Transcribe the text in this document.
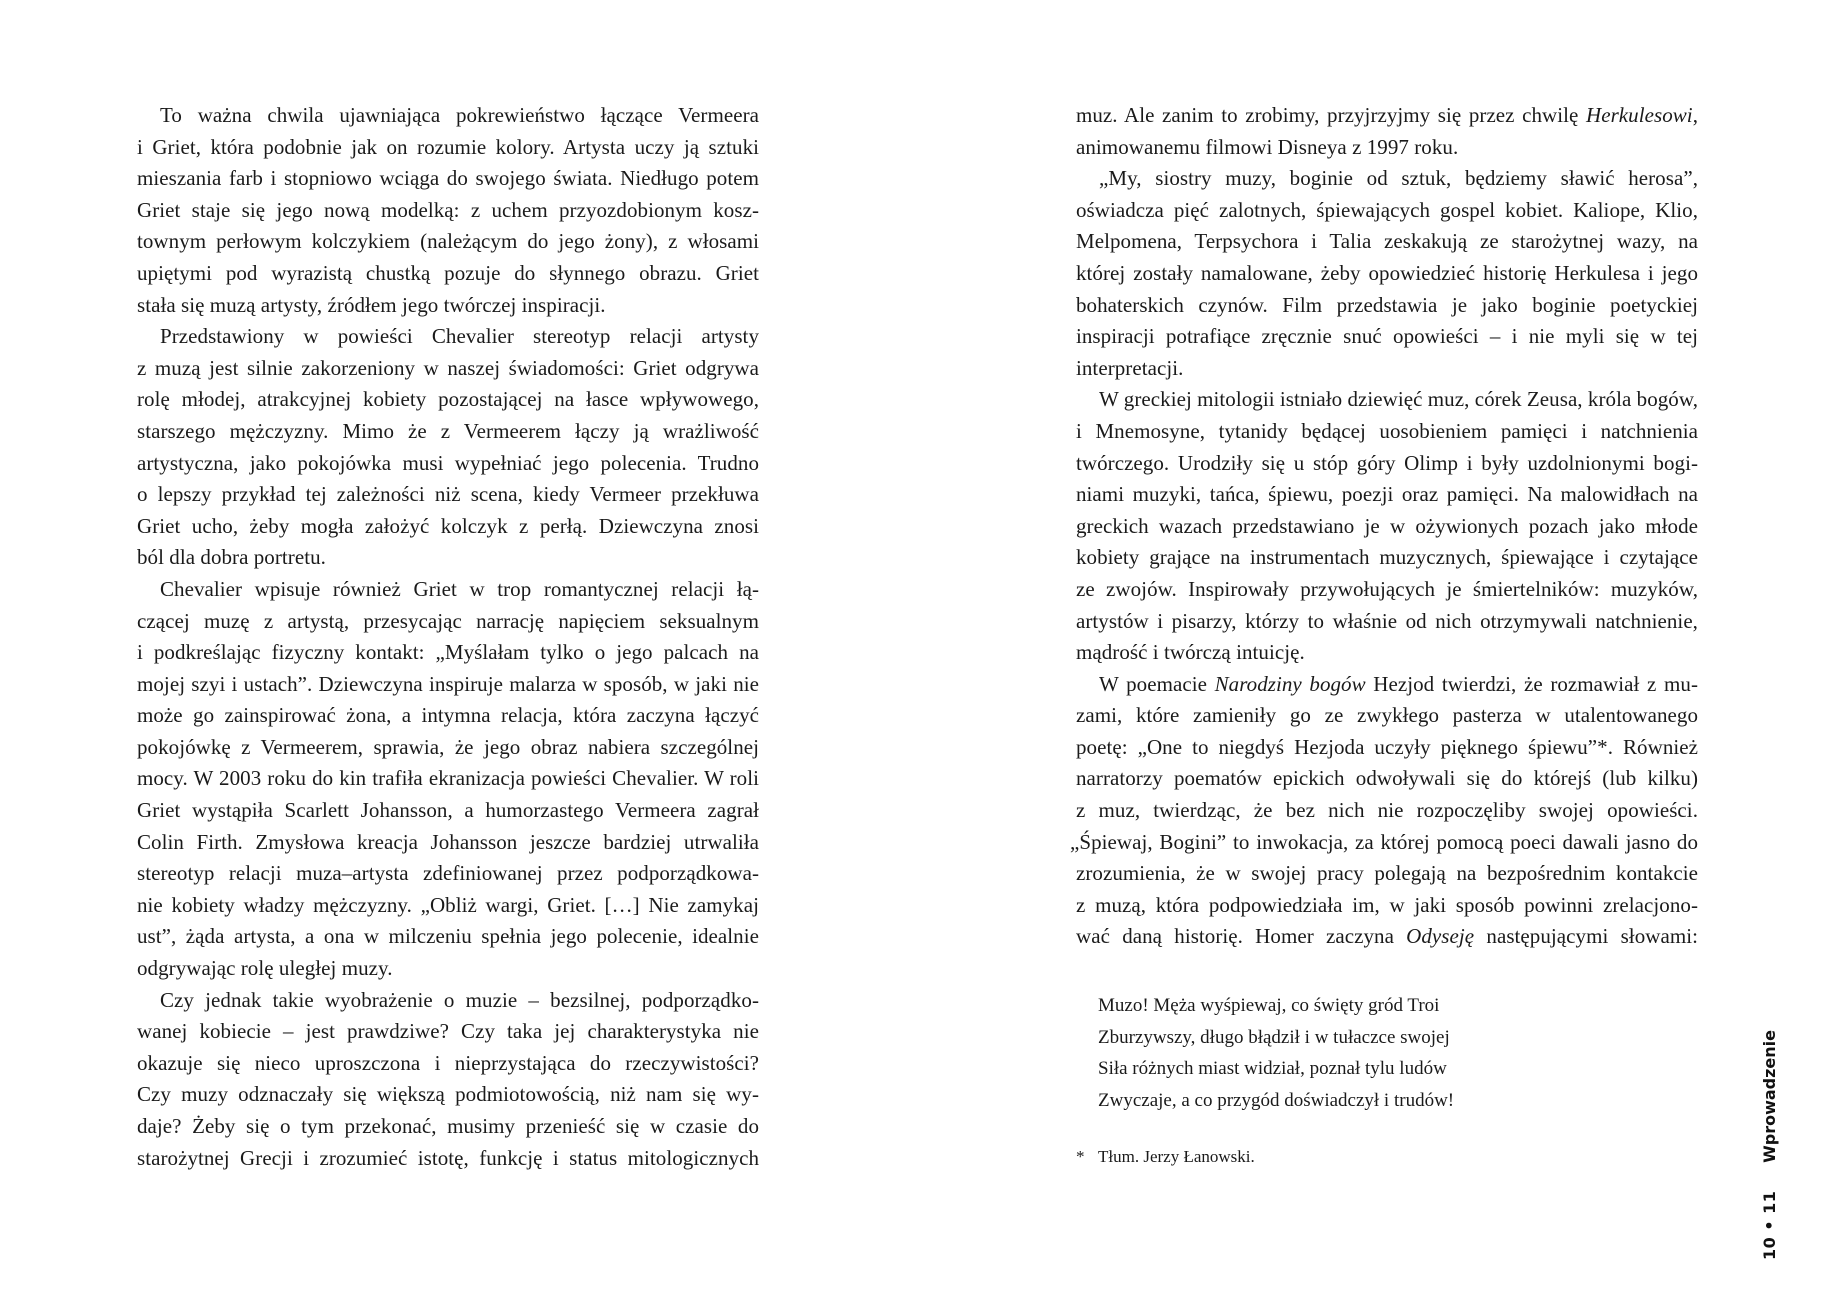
To ważna chwila ujawniająca pokrewieństwo łączące Vermeera
i Griet, która podobnie jak on rozumie kolory. Artysta uczy ją sztuki
mieszania farb i stopniowo wciąga do swojego świata. Niedługo potem
Griet staje się jego nową modelką: z uchem przyozdobionym kosz-
townym perłowym kolczykiem (należącym do jego żony), z włosami
upiętymi pod wyrazistą chustką pozuje do słynnego obrazu. Griet
stała się muzą artysty, źródłem jego twórczej inspiracji.
Przedstawiony w powieści Chevalier stereotyp relacji artysty
z muzą jest silnie zakorzeniony w naszej świadomości: Griet odgrywa
rolę młodej, atrakcyjnej kobiety pozostającej na łasce wpływowego,
starszego mężczyzny. Mimo że z Vermeerem łączy ją wrażliwość
artystyczna, jako pokojówka musi wypełniać jego polecenia. Trudno
o lepszy przykład tej zależności niż scena, kiedy Vermeer przekłuwa
Griet ucho, żeby mogła założyć kolczyk z perłą. Dziewczyna znosi
ból dla dobra portretu.
Chevalier wpisuje również Griet w trop romantycznej relacji łą-
czącej muzę z artystą, przesycając narrację napięciem seksualnym
i podkreślając fizyczny kontakt: „Myślałam tylko o jego palcach na
mojej szyi i ustach”. Dziewczyna inspiruje malarza w sposób, w jaki nie
może go zainspirować żona, a intymna relacja, która zaczyna łączyć
pokojówkę z Vermeerem, sprawia, że jego obraz nabiera szczególnej
mocy. W 2003 roku do kin trafiła ekranizacja powieści Chevalier. W roli
Griet wystąpiła Scarlett Johansson, a humorzastego Vermeera zagrał
Colin Firth. Zmysłowa kreacja Johansson jeszcze bardziej utrwaliła
stereotyp relacji muza–artysta zdefiniowanej przez podporządkowa-
nie kobiety władzy mężczyzny. „Obliż wargi, Griet. […] Nie zamykaj
ust”, żąda artysta, a ona w milczeniu spełnia jego polecenie, idealnie
odgrywając rolę uległej muzy.
Czy jednak takie wyobrażenie o muzie – bezsilnej, podporządko-
wanej kobiecie – jest prawdziwe? Czy taka jej charakterystyka nie
okazuje się nieco uproszczona i nieprzystająca do rzeczywistości?
Czy muzy odznaczały się większą podmiotowością, niż nam się wy-
daje? Żeby się o tym przekonać, musimy przenieść się w czasie do
starożytnej Grecji i zrozumieć istotę, funkcję i status mitologicznych
muz. Ale zanim to zrobimy, przyjrzyjmy się przez chwilę Herkulesowi,
animowanemu filmowi Disneya z 1997 roku.
„My, siostry muzy, boginie od sztuk, będziemy sławić herosa”,
oświadcza pięć zalotnych, śpiewających gospel kobiet. Kaliope, Klio,
Melpomena, Terpsychora i Talia zeskakują ze starożytnej wazy, na
której zostały namalowane, żeby opowiedzieć historię Herkulesa i jego
bohaterskich czynów. Film przedstawia je jako boginie poetyckiej
inspiracji potrafiące zręcznie snuć opowieści – i nie myli się w tej
interpretacji.
W greckiej mitologii istniało dziewięć muz, córek Zeusa, króla bogów,
i Mnemosyne, tytanidy będącej uosobieniem pamięci i natchnienia
twórczego. Urodziły się u stóp góry Olimp i były uzdolnionymi bogi-
niami muzyki, tańca, śpiewu, poezji oraz pamięci. Na malowidłach na
greckich wazach przedstawiano je w ożywionych pozach jako młode
kobiety grające na instrumentach muzycznych, śpiewające i czytające
ze zwojów. Inspirowały przywołujących je śmiertelników: muzyków,
artystów i pisarzy, którzy to właśnie od nich otrzymywali natchnienie,
mądrość i twórczą intuicję.
W poemacie Narodziny bogów Hezjod twierdzi, że rozmawiał z mu-
zami, które zamieniły go ze zwykłego pasterza w utalentowanego
poetę: „One to niegdyś Hezjoda uczyły pięknego śpiewu”*. Również
narratorzy poematów epickich odwoływali się do którejś (lub kilku)
z muz, twierdząc, że bez nich nie rozpoczęliby swojej opowieści.
„Śpiewaj, Bogini” to inwokacja, za której pomocą poeci dawali jasno do
zrozumienia, że w swojej pracy polegają na bezpośrednim kontakcie
z muzą, która podpowiedziała im, w jaki sposób powinni zrelacjono-
wać daną historię. Homer zaczyna Odyseję następującymi słowami:
Muzo! Męża wyśpiewaj, co święty gród Troi
Zburzywszy, długo błądził i w tułaczce swojej
Siła różnych miast widział, poznał tylu ludów
Zwyczaje, a co przygód doświadczył i trudów!
* Tłum. Jerzy Łanowski.	Wprowadzenie
10 • 11
